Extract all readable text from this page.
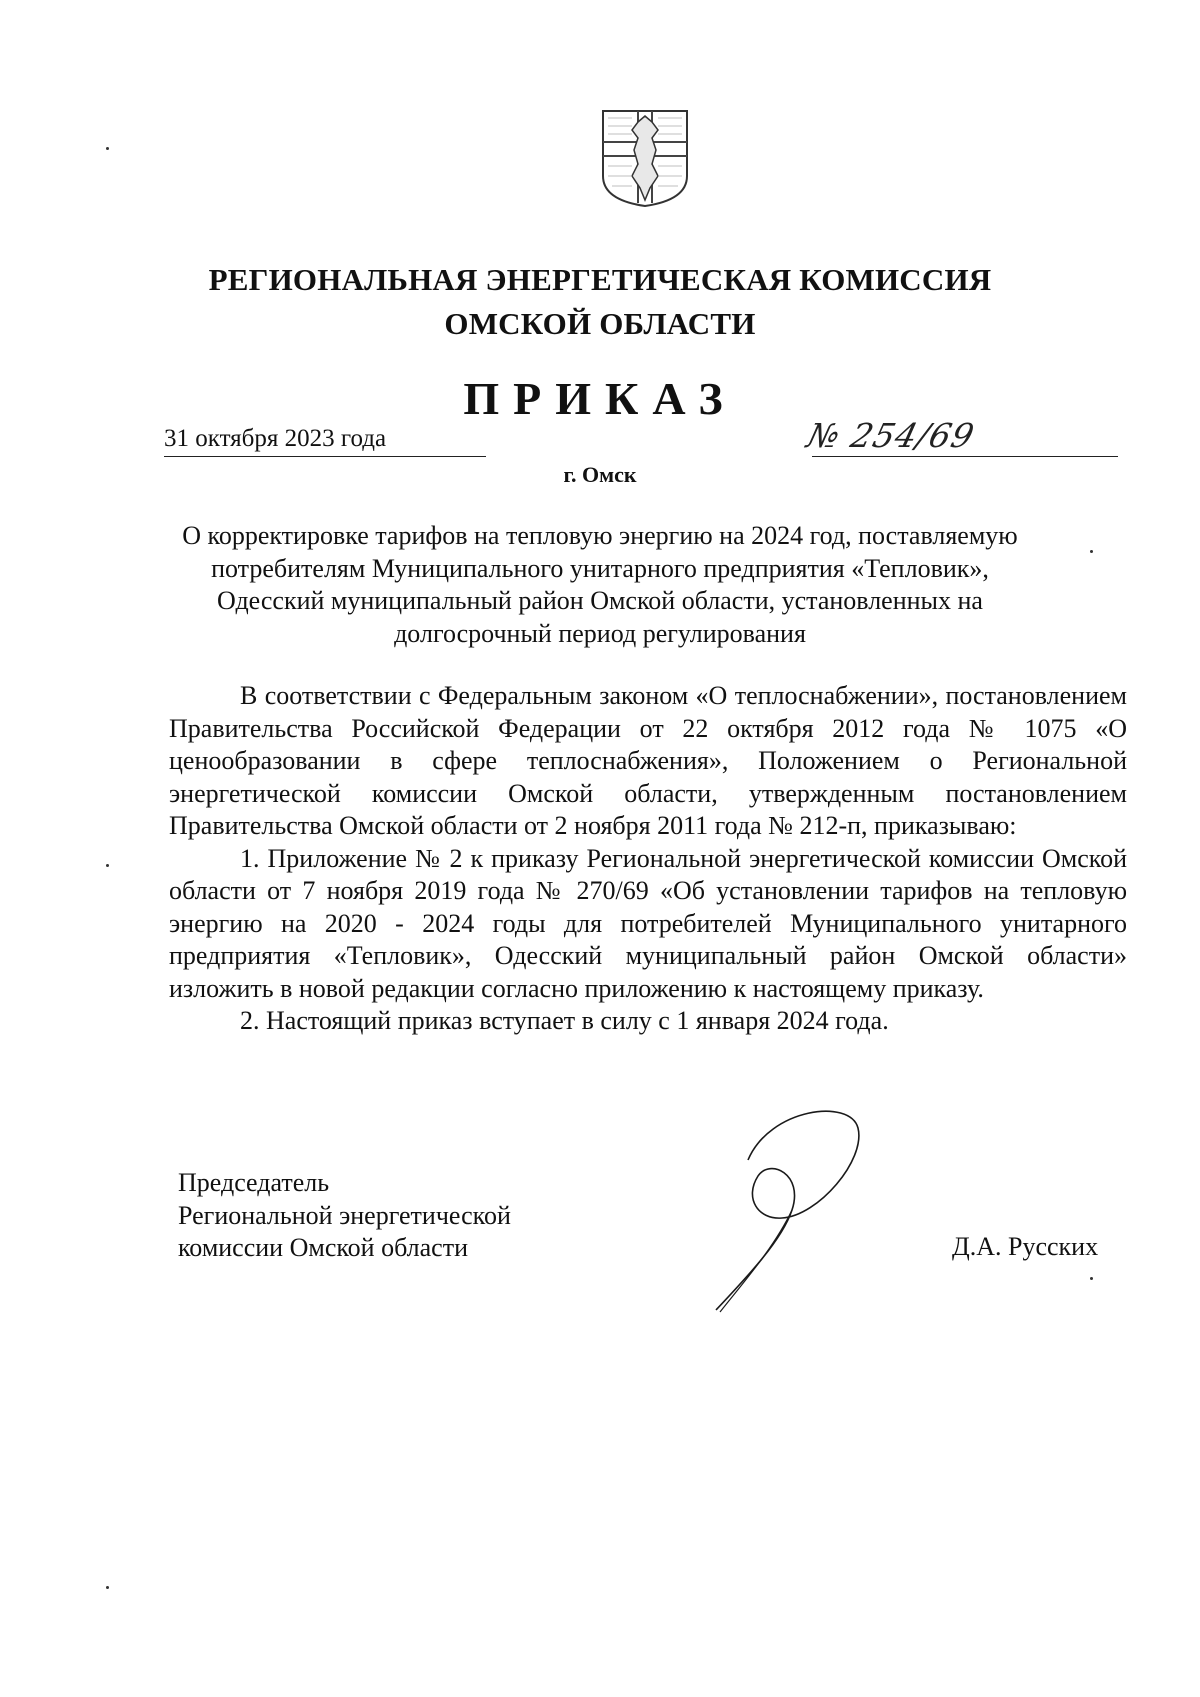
РЕГИОНАЛЬНАЯ ЭНЕРГЕТИЧЕСКАЯ КОМИССИЯ
ОМСКОЙ ОБЛАСТИ
ПРИКАЗ
31 октября 2023 года	№ 254/69
г. Омск
О корректировке тарифов на тепловую энергию на 2024 год, поставляемую потребителям Муниципального унитарного предприятия «Тепловик», Одесский муниципальный район Омской области, установленных на долгосрочный период регулирования

В соответствии с Федеральным законом «О теплоснабжении», постановлением Правительства Российской Федерации от 22 октября 2012 года № 1075 «О ценообразовании в сфере теплоснабжения», Положением о Региональной энергетической комиссии Омской области, утвержденным постановлением Правительства Омской области от 2 ноября 2011 года № 212-п, приказываю:

1. Приложение № 2 к приказу Региональной энергетической комиссии Омской области от 7 ноября 2019 года № 270/69 «Об установлении тарифов на тепловую энергию на 2020 - 2024 годы для потребителей Муниципального унитарного предприятия «Тепловик», Одесский муниципальный район Омской области» изложить в новой редакции согласно приложению к настоящему приказу.

2. Настоящий приказ вступает в силу с 1 января 2024 года.

Председатель
Региональной энергетической
комиссии Омской области	Д.А. Русских
